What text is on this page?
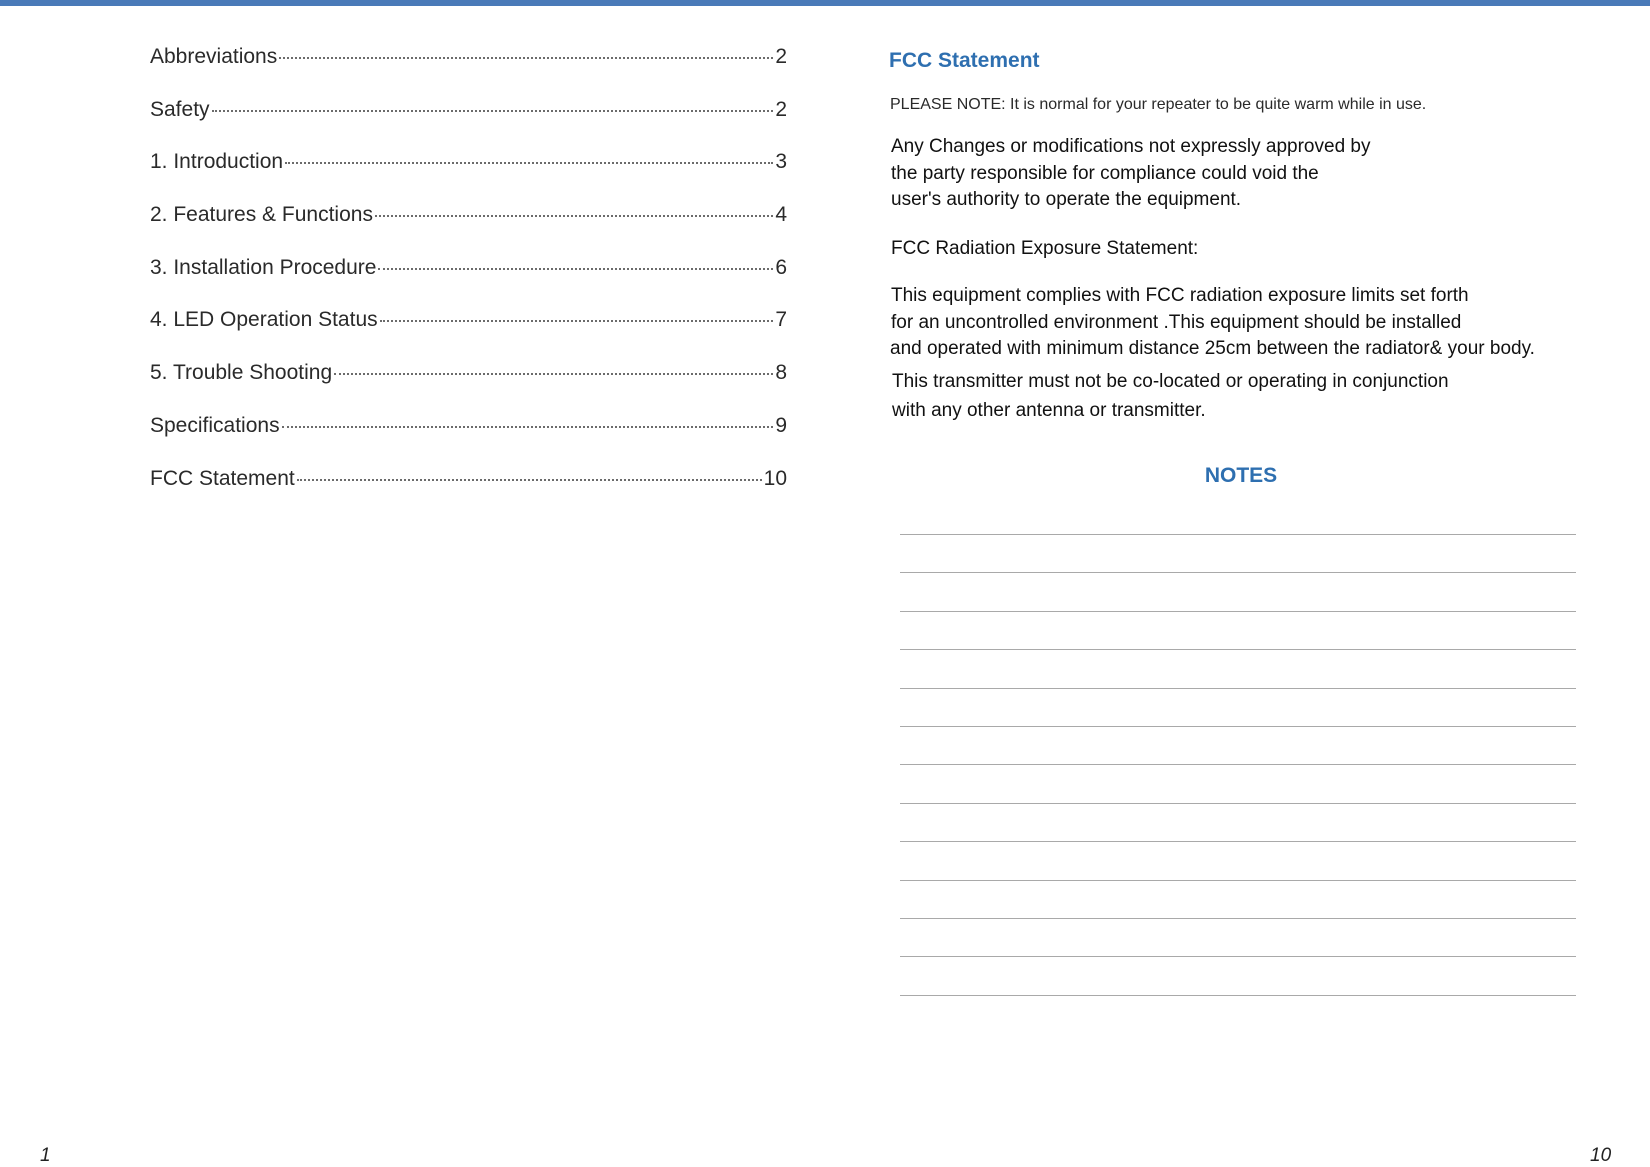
Abbreviations	2
Safety	2
1. Introduction	3
2. Features & Functions	4
3. Installation Procedure	6
4. LED Operation Status	7
5. Trouble Shooting	8
Specifications	9
FCC Statement	10
FCC Statement

PLEASE NOTE: It is normal for your repeater to be quite warm while in use.

Any Changes or modifications not expressly approved by
the party responsible for compliance could void the
user's authority to operate the equipment.

FCC Radiation Exposure Statement:

This equipment complies with FCC radiation exposure limits set forth
for an uncontrolled environment .This equipment should be installed
and operated with minimum distance 25cm between the radiator& your body.

This transmitter must not be co-located or operating in conjunction
with any other antenna or transmitter.

NOTES
1	10
